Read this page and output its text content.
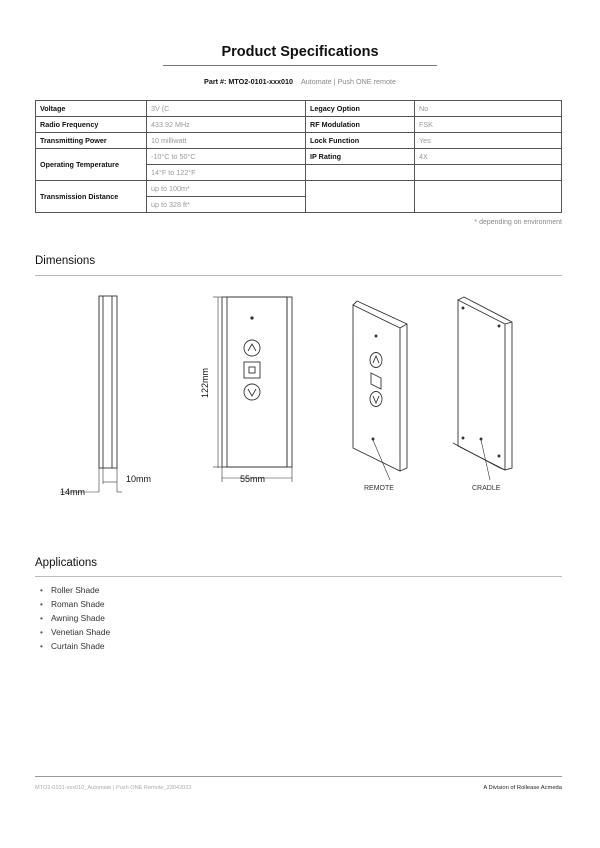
Product Specifications
Part #: MTO2-0101-xxx010 Automate | Push ONE remote
Voltage	3V (C	Legacy Option	No
Radio Frequency	433.92 MHz	RF Modulation	FSK
Transmitting Power	10 milliwatt	Lock Function	Yes
Operating Temperature	-10°C to 50°C	IP Rating	4X
	14°F to 122°F		
Transmission Distance	up to 100m*		
	up to 328 ft*		
* depending on environment
Dimensions
122mm
55mm
10mm
14mm	REMOTE	CRADLE
Applications
• Roller Shade
• Roman Shade
• Awning Shade
• Venetian Shade
• Curtain Shade
MTO2-0101-xxx010_Automate | Push ONE Remote_23042023	A Division of Rollease Acmeda
